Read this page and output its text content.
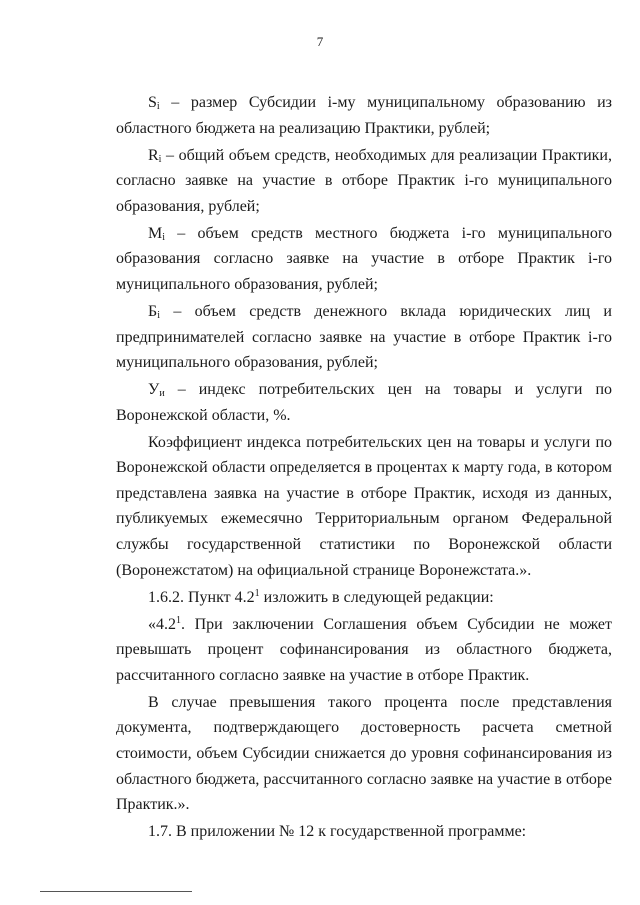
7

$S_i$ – размер Субсидии i-му муниципальному образованию из областного бюджета на реализацию Практики, рублей;

$R_i$ – общий объем средств, необходимых для реализации Практики, согласно заявке на участие в отборе Практик i-го муниципального образования, рублей;

$M_i$ – объем средств местного бюджета i-го муниципального образования согласно заявке на участие в отборе Практик i-го муниципального образования, рублей;

$Б_i$ – объем средств денежного вклада юридических лиц и предпринимателей согласно заявке на участие в отборе Практик i-го муниципального образования, рублей;

$У_и$ – индекс потребительских цен на товары и услуги по Воронежской области, %.

Коэффициент индекса потребительских цен на товары и услуги по Воронежской области определяется в процентах к марту года, в котором представлена заявка на участие в отборе Практик, исходя из данных, публикуемых ежемесячно Территориальным органом Федеральной службы государственной статистики по Воронежской области (Воронежстатом) на официальной странице Воронежстата.».

1.6.2. Пункт $4.2^1$ изложить в следующей редакции:

«$4.2^1$. При заключении Соглашения объем Субсидии не может превышать процент софинансирования из областного бюджета, рассчитанного согласно заявке на участие в отборе Практик.

В случае превышения такого процента после представления документа, подтверждающего достоверность расчета сметной стоимости, объем Субсидии снижается до уровня софинансирования из областного бюджета, рассчитанного согласно заявке на участие в отборе Практик.».

1.7. В приложении № 12 к государственной программе:
